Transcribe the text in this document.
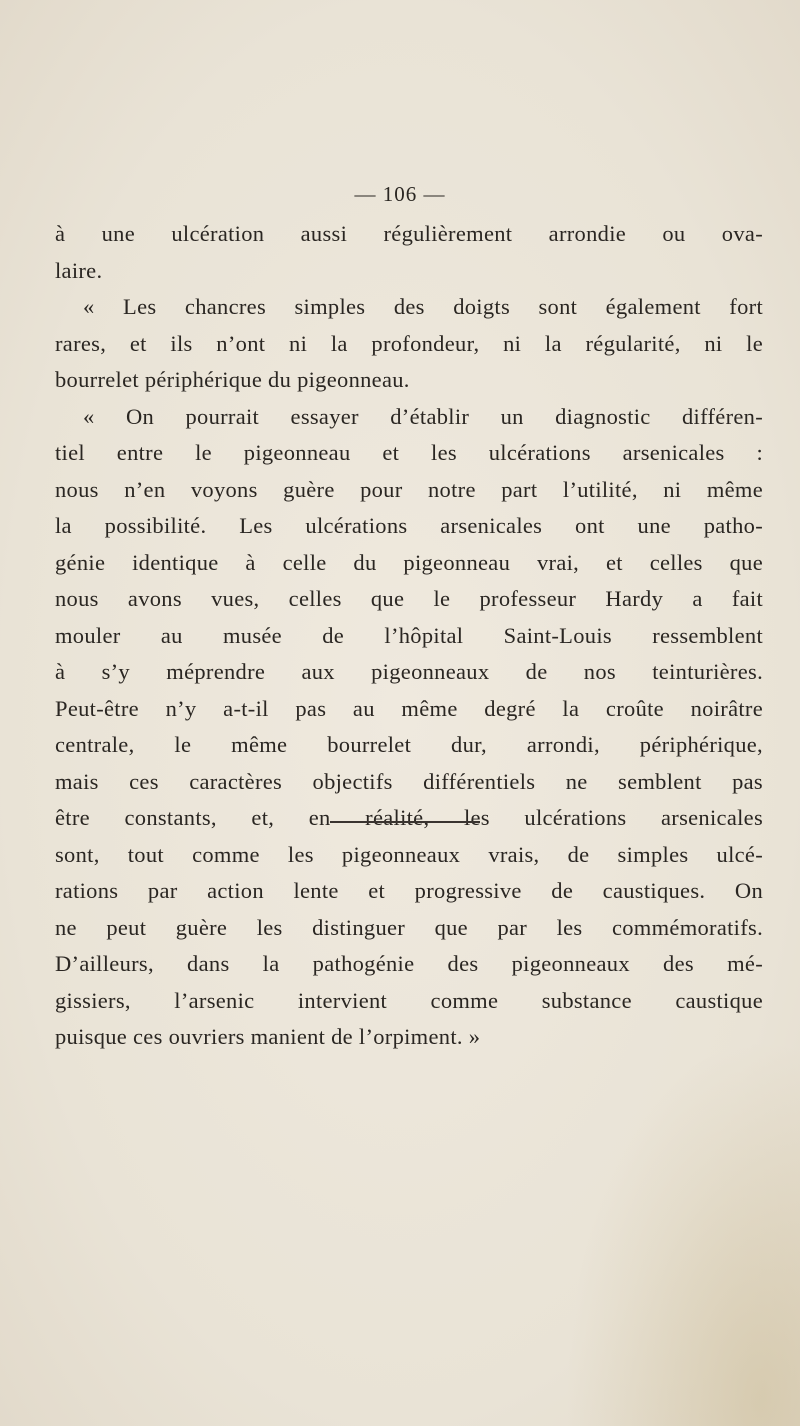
— 106 —
à une ulcération aussi régulièrement arrondie ou ova-
laire.
« Les chancres simples des doigts sont également fort
rares, et ils n’ont ni la profondeur, ni la régularité, ni le
bourrelet périphérique du pigeonneau.
« On pourrait essayer d’établir un diagnostic différen-
tiel entre le pigeonneau et les ulcérations arsenicales :
nous n’en voyons guère pour notre part l’utilité, ni même
la possibilité. Les ulcérations arsenicales ont une patho-
génie identique à celle du pigeonneau vrai, et celles que
nous avons vues, celles que le professeur Hardy a fait
mouler au musée de l’hôpital Saint-Louis ressemblent
à s’y méprendre aux pigeonneaux de nos teinturières.
Peut-être n’y a-t-il pas au même degré la croûte noirâtre
centrale, le même bourrelet dur, arrondi, périphérique,
mais ces caractères objectifs différentiels ne semblent pas
être constants, et, en réalité, les ulcérations arsenicales
sont, tout comme les pigeonneaux vrais, de simples ulcé-
rations par action lente et progressive de caustiques. On
ne peut guère les distinguer que par les commémoratifs.
D’ailleurs, dans la pathogénie des pigeonneaux des mé-
gissiers, l’arsenic intervient comme substance caustique
puisque ces ouvriers manient de l’orpiment. »
